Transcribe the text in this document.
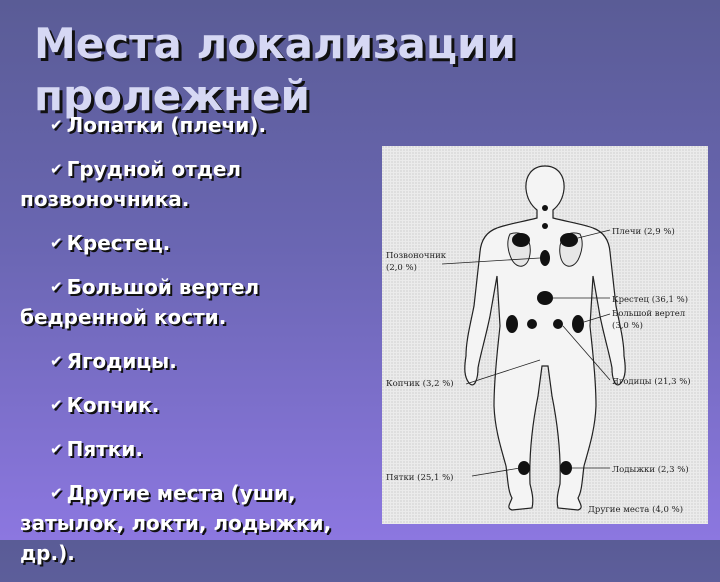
Места локализации пролежней
✔ Лопатки (плечи).
✔ Грудной отдел позвоночника.
✔ Крестец.
✔ Большой вертел бедренной кости.
✔ Ягодицы.
✔ Копчик.
✔ Пятки.
✔ Другие места (уши, затылок, локти, лодыжки, др.).
Плечи (2,9 %)
Позвоночник
(2,0 %)
Крестец (36,1 %)
Большой вертел
(3,0 %)
Копчик (3,2 %)	Ягодицы (21,3 %)
Пятки (25,1 %)
Лодыжки (2,3 %)
Другие места (4,0 %)
